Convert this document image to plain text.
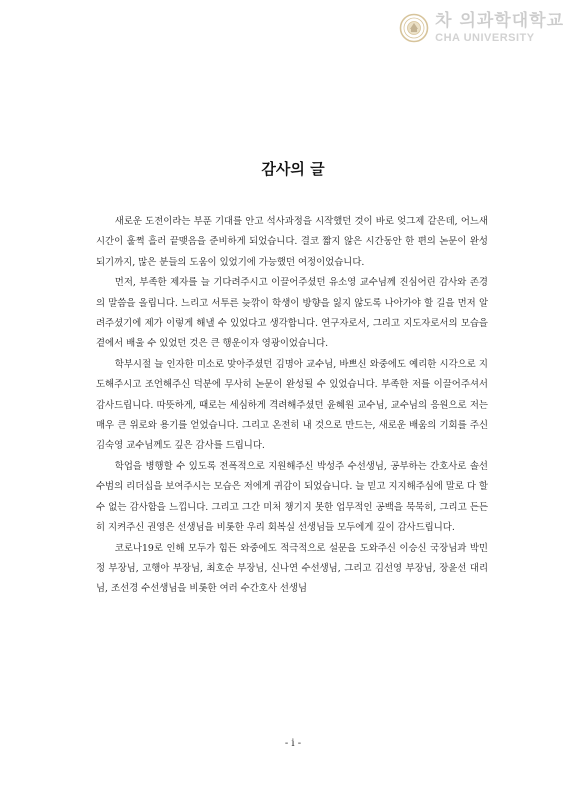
차 의과학대학교
CHA UNIVERSITY
감사의 글

새로운 도전이라는 부푼 기대를 안고 석사과정을 시작했던 것이 바로 엊그제 같은데, 어느새 시간이 훌쩍 흘러 끝맺음을 준비하게 되었습니다. 결코 짧지 않은 시간동안 한 편의 논문이 완성되기까지, 많은 분들의 도움이 있었기에 가능했던 여정이었습니다.

먼저, 부족한 제자를 늘 기다려주시고 이끌어주셨던 유소영 교수님께 진심어린 감사와 존경의 말씀을 올립니다. 느리고 서투른 늦깎이 학생이 방향을 잃지 않도록 나아가야 할 길을 먼저 알려주셨기에 제가 이렇게 해낼 수 있었다고 생각합니다. 연구자로서, 그리고 지도자로서의 모습을 곁에서 배울 수 있었던 것은 큰 행운이자 영광이었습니다.

학부시절 늘 인자한 미소로 맞아주셨던 김명아 교수님, 바쁘신 와중에도 예리한 시각으로 지도해주시고 조언해주신 덕분에 무사히 논문이 완성될 수 있었습니다. 부족한 저를 이끌어주셔서 감사드립니다. 따뜻하게, 때로는 세심하게 격려해주셨던 윤혜원 교수님, 교수님의 응원으로 저는 매우 큰 위로와 용기를 얻었습니다. 그리고 온전히 내 것으로 만드는, 새로운 배움의 기회를 주신 김숙영 교수님께도 깊은 감사를 드립니다.

학업을 병행할 수 있도록 전폭적으로 지원해주신 박성주 수선생님, 공부하는 간호사로 솔선수범의 리더십을 보여주시는 모습은 저에게 귀감이 되었습니다. 늘 믿고 지지해주심에 말로 다 할 수 없는 감사함을 느낍니다. 그리고 그간 미처 챙기지 못한 업무적인 공백을 묵묵히, 그리고 든든히 지켜주신 권영은 선생님을 비롯한 우리 회복실 선생님들 모두에게 깊이 감사드립니다.

코로나19로 인해 모두가 힘든 와중에도 적극적으로 설문을 도와주신 이승신 국장님과 박민정 부장님, 고행아 부장님, 최호순 부장님, 신나연 수선생님, 그리고 김선영 부장님, 장윤선 대리님, 조선경 수선생님을 비롯한 여러 수간호사 선생님

- i -
